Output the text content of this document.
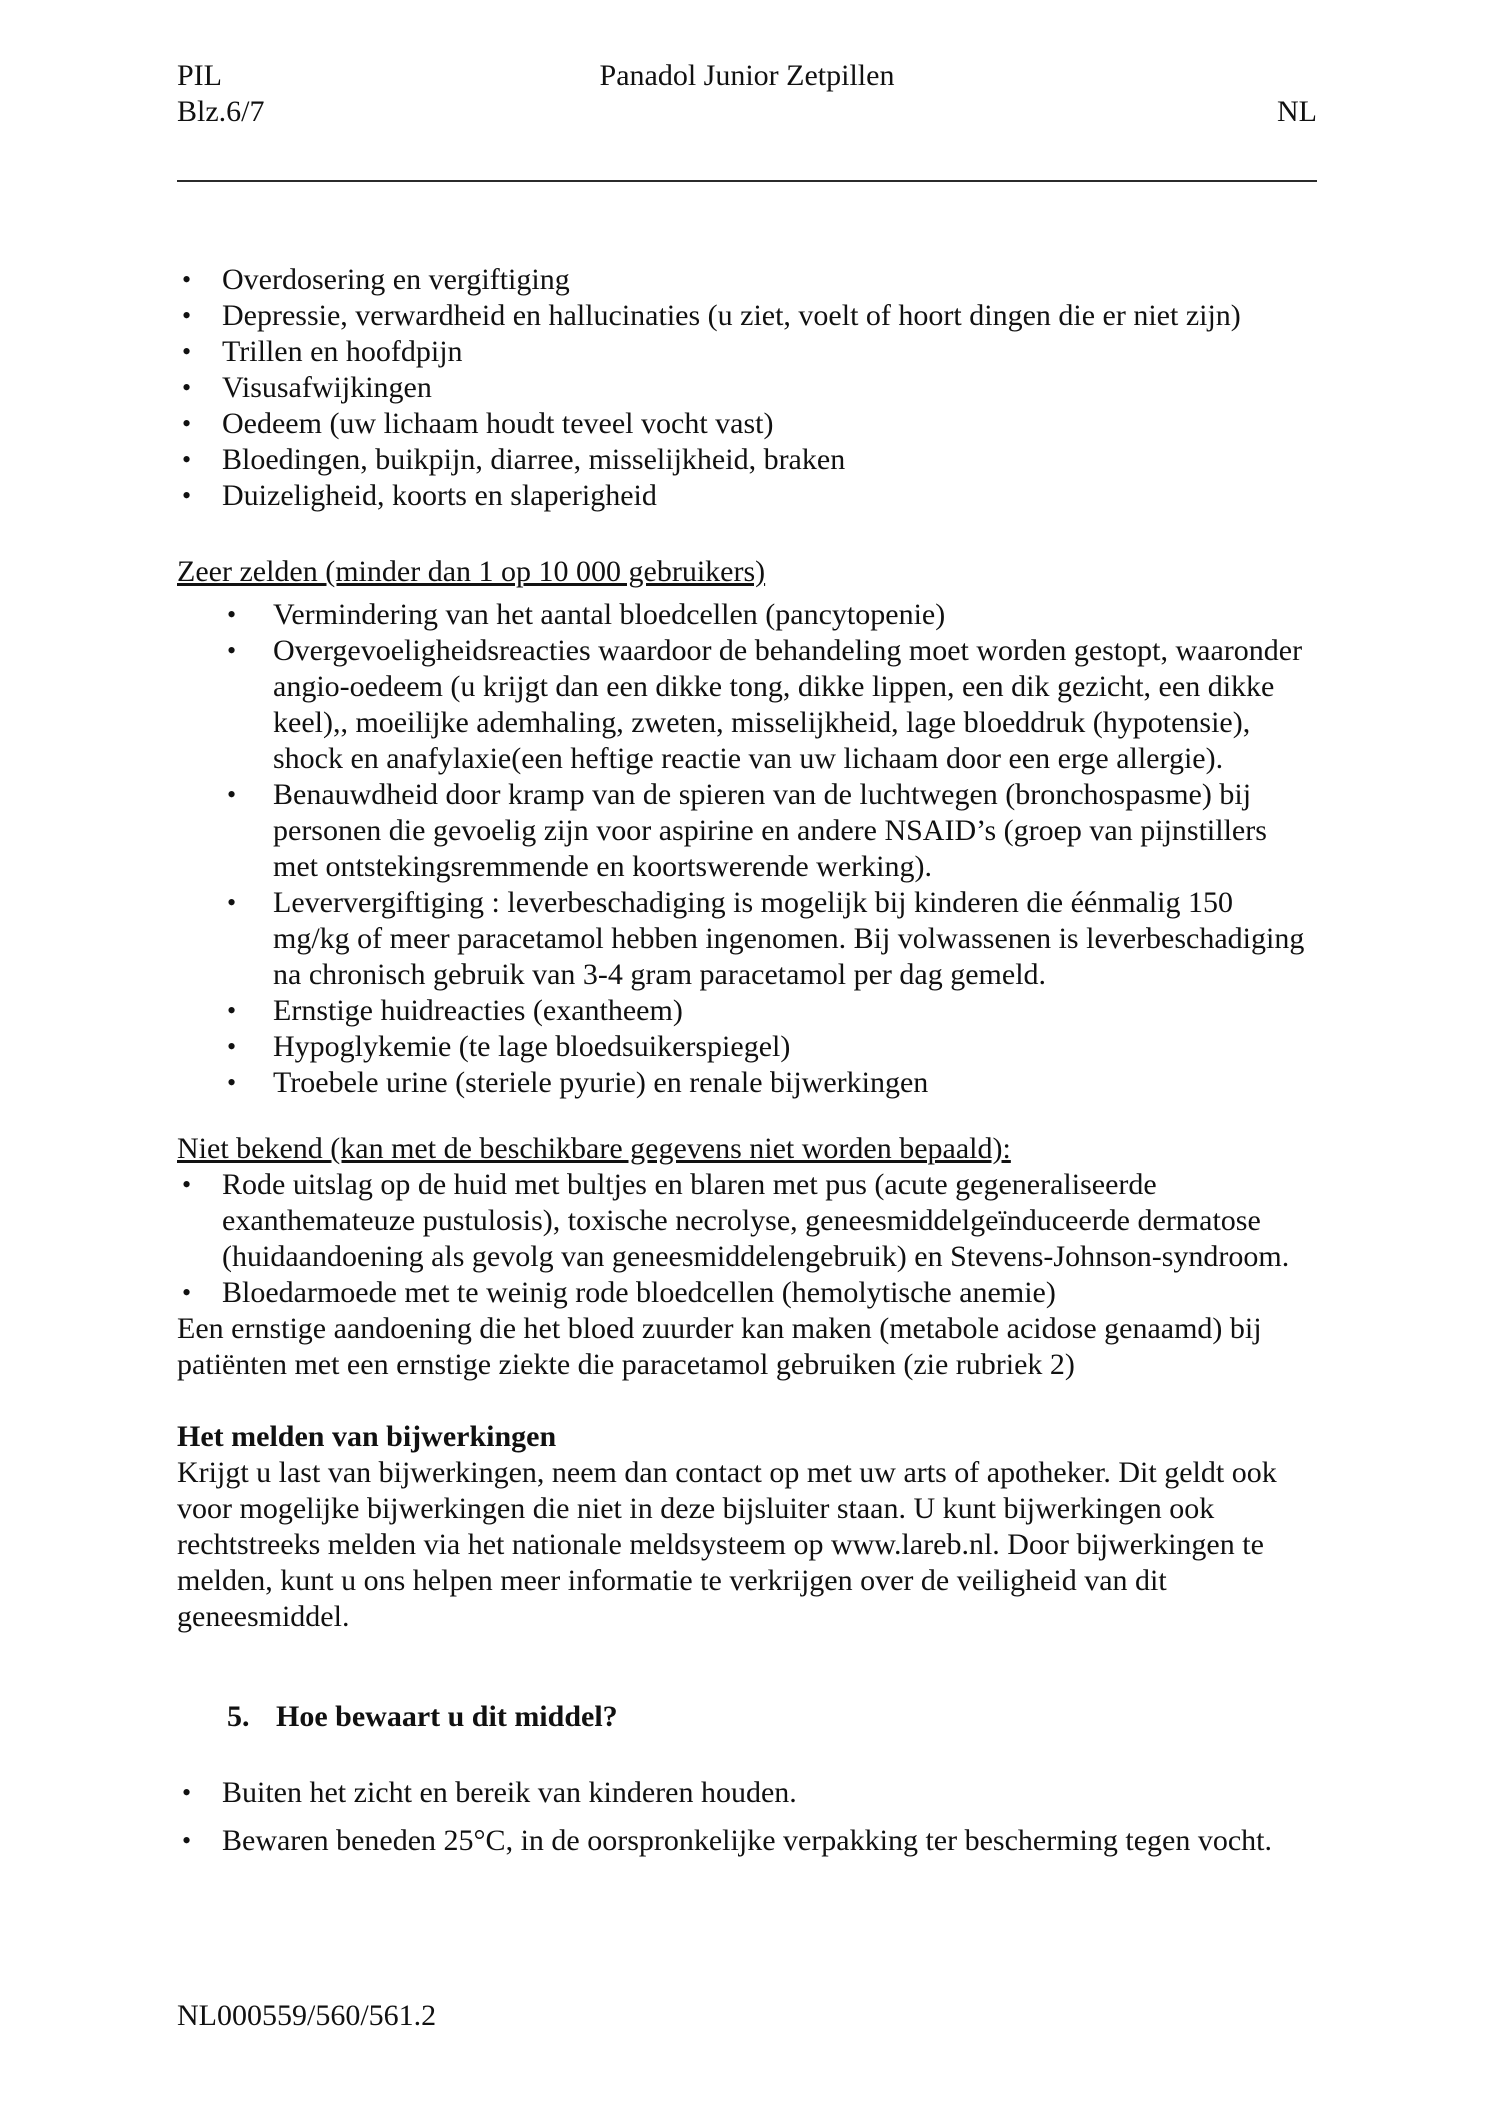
PIL
Blz.6/7
Panadol Junior Zetpillen
NL
•	Overdosering en vergiftiging
•	Depressie, verwardheid en hallucinaties (u ziet, voelt of hoort dingen die er niet zijn)
•	Trillen en hoofdpijn
•	Visusafwijkingen
•	Oedeem (uw lichaam houdt teveel vocht vast)
•	Bloedingen, buikpijn, diarree, misselijkheid, braken
•	Duizeligheid, koorts en slaperigheid
Zeer zelden (minder dan 1 op 10 000 gebruikers)
•	Vermindering van het aantal bloedcellen (pancytopenie)
•	Overgevoeligheidsreacties waardoor de behandeling moet worden gestopt, waaronder angio-oedeem (u krijgt dan een dikke tong, dikke lippen, een dik gezicht, een dikke keel),, moeilijke ademhaling, zweten, misselijkheid, lage bloeddruk (hypotensie), shock en anafylaxie(een heftige reactie van uw lichaam door een erge allergie).
•	Benauwdheid door kramp van de spieren van de luchtwegen (bronchospasme) bij personen die gevoelig zijn voor aspirine en andere NSAID’s (groep van pijnstillers met ontstekingsremmende en koortswerende werking).
•	Leververgiftiging : leverbeschadiging is mogelijk bij kinderen die éénmalig 150 mg/kg of meer paracetamol hebben ingenomen. Bij volwassenen is leverbeschadiging na chronisch gebruik van 3-4 gram paracetamol per dag gemeld.
•	Ernstige huidreacties (exantheem)
•	Hypoglykemie (te lage bloedsuikerspiegel)
•	Troebele urine (steriele pyurie) en renale bijwerkingen
Niet bekend (kan met de beschikbare gegevens niet worden bepaald):
•	Rode uitslag op de huid met bultjes en blaren met pus (acute gegeneraliseerde exanthemateuze pustulosis), toxische necrolyse, geneesmiddelgeïnduceerde dermatose (huidaandoening als gevolg van geneesmiddelengebruik) en Stevens-Johnson-syndroom.
•	Bloedarmoede met te weinig rode bloedcellen (hemolytische anemie)

Een ernstige aandoening die het bloed zuurder kan maken (metabole acidose genaamd) bij patiënten met een ernstige ziekte die paracetamol gebruiken (zie rubriek 2)

Het melden van bijwerkingen

Krijgt u last van bijwerkingen, neem dan contact op met uw arts of apotheker. Dit geldt ook voor mogelijke bijwerkingen die niet in deze bijsluiter staan. U kunt bijwerkingen ook rechtstreeks melden via het nationale meldsysteem op www.lareb.nl. Door bijwerkingen te melden, kunt u ons helpen meer informatie te verkrijgen over de veiligheid van dit geneesmiddel.

5. Hoe bewaart u dit middel?
•	Buiten het zicht en bereik van kinderen houden.
•	Bewaren beneden 25°C, in de oorspronkelijke verpakking ter bescherming tegen vocht.
NL000559/560/561.2
